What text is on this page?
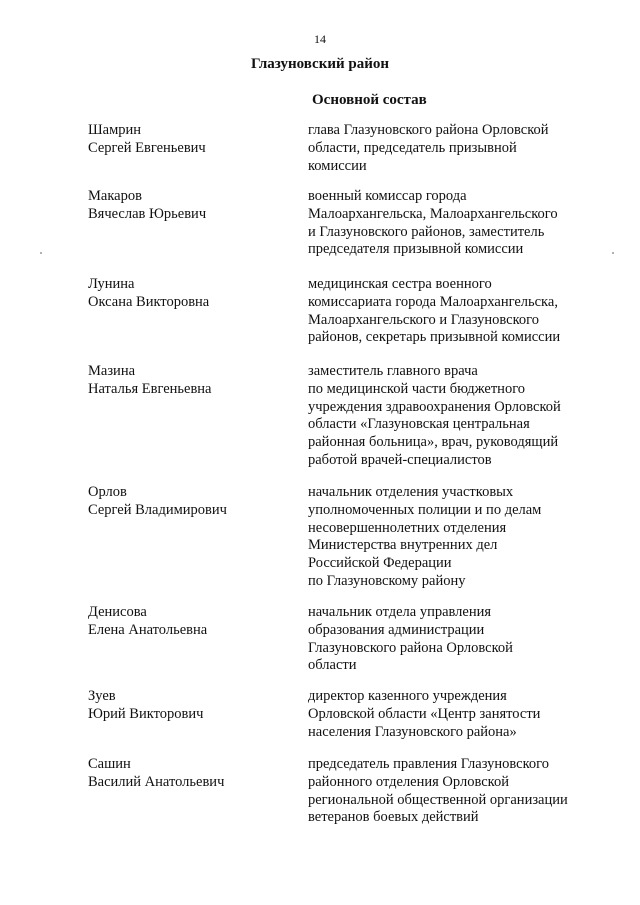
14
Глазуновский район
Основной состав
Шамрин
Сергей Евгеньевич
глава Глазуновского района Орловской
области, председатель призывной
комиссии
Макаров
Вячеслав Юрьевич
военный комиссар города
Малоархангельска, Малоархангельского
и Глазуновского районов, заместитель
председателя призывной комиссии
Лунина
Оксана Викторовна
медицинская сестра военного
комиссариата города Малоархангельска,
Малоархангельского и Глазуновского
районов, секретарь призывной комиссии
Мазина
Наталья Евгеньевна
заместитель главного врача
по медицинской части бюджетного
учреждения здравоохранения Орловской
области «Глазуновская центральная
районная больница», врач, руководящий
работой врачей-специалистов
Орлов
Сергей Владимирович
начальник отделения участковых
уполномоченных полиции и по делам
несовершеннолетних отделения
Министерства внутренних дел
Российской Федерации
по Глазуновскому району
Денисова
Елена Анатольевна
начальник отдела управления
образования администрации
Глазуновского района Орловской
области
Зуев
Юрий Викторович
директор казенного учреждения
Орловской области «Центр занятости
населения Глазуновского района»
Сашин
Василий Анатольевич
председатель правления Глазуновского
районного отделения Орловской
региональной общественной организации
ветеранов боевых действий
